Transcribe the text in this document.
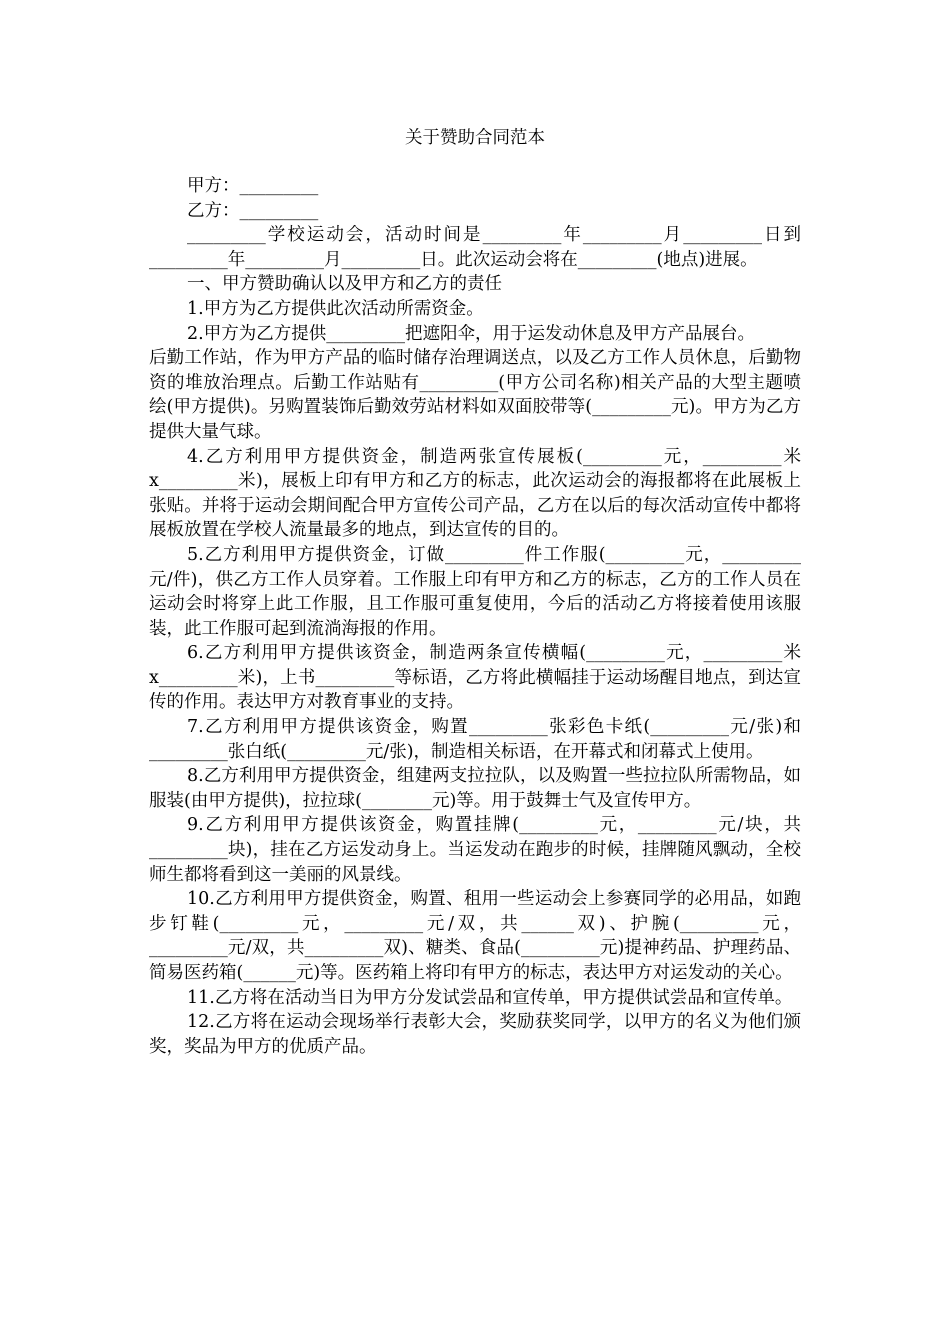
关于赞助合同范本

甲方：_________

乙方：_________

_________学校运动会，活动时间是_________年_________月_________日到_________年_________月_________日。此次运动会将在_________(地点)进展。

一、甲方赞助确认以及甲方和乙方的责任

1.甲方为乙方提供此次活动所需资金。

2.甲方为乙方提供_________把遮阳伞，用于运发动休息及甲方产品展台。

后勤工作站，作为甲方产品的临时储存治理调送点，以及乙方工作人员休息，后勤物资的堆放治理点。后勤工作站贴有_________(甲方公司名称)相关产品的大型主题喷绘(甲方提供)。另购置装饰后勤效劳站材料如双面胶带等(_________元)。甲方为乙方提供大量气球。

4.乙方利用甲方提供资金，制造两张宣传展板(_________元，_________米x_________米)，展板上印有甲方和乙方的标志，此次运动会的海报都将在此展板上张贴。并将于运动会期间配合甲方宣传公司产品，乙方在以后的每次活动宣传中都将展板放置在学校人流量最多的地点，到达宣传的目的。

5.乙方利用甲方提供资金，订做_________件工作服(_________元，_________元/件)，供乙方工作人员穿着。工作服上印有甲方和乙方的标志，乙方的工作人员在运动会时将穿上此工作服，且工作服可重复使用，今后的活动乙方将接着使用该服装，此工作服可起到流淌海报的作用。

6.乙方利用甲方提供该资金，制造两条宣传横幅(_________元，_________米x_________米)，上书_________等标语，乙方将此横幅挂于运动场醒目地点，到达宣传的作用。表达甲方对教育事业的支持。

7.乙方利用甲方提供该资金，购置_________张彩色卡纸(_________元/张)和_________张白纸(_________元/张)，制造相关标语，在开幕式和闭幕式上使用。

8.乙方利用甲方提供资金，组建两支拉拉队，以及购置一些拉拉队所需物品，如服装(由甲方提供)，拉拉球(________元)等。用于鼓舞士气及宣传甲方。

9.乙方利用甲方提供该资金，购置挂牌(_________元，_________元/块，共_________块)，挂在乙方运发动身上。当运发动在跑步的时候，挂牌随风飘动，全校师生都将看到这一美丽的风景线。

10.乙方利用甲方提供资金，购置、租用一些运动会上参赛同学的必用品，如跑步钉鞋(_________元，_________元/双，共______双)、护腕(_________元，_________元/双，共_________双)、糖类、食品(_________元)提神药品、护理药品、简易医药箱(______元)等。医药箱上将印有甲方的标志，表达甲方对运发动的关心。

11.乙方将在活动当日为甲方分发试尝品和宣传单，甲方提供试尝品和宣传单。

12.乙方将在运动会现场举行表彰大会，奖励获奖同学，以甲方的名义为他们颁奖，奖品为甲方的优质产品。
